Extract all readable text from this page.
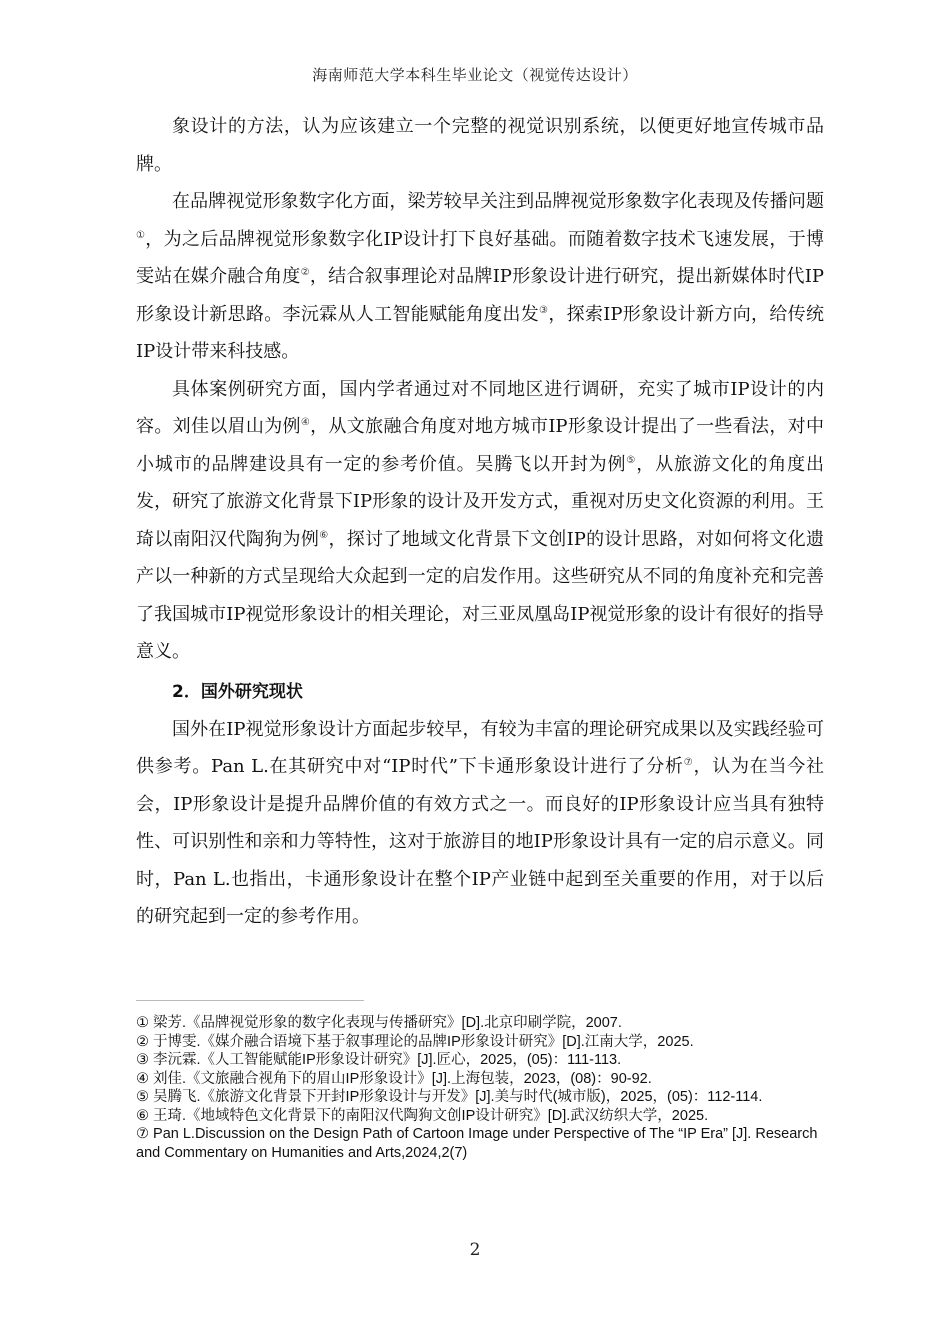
海南师范大学本科生毕业论文（视觉传达设计）

象设计的方法，认为应该建立一个完整的视觉识别系统，以便更好地宣传城市品牌。

在品牌视觉形象数字化方面，梁芳较早关注到品牌视觉形象数字化表现及传播问题①，为之后品牌视觉形象数字化IP设计打下良好基础。而随着数字技术飞速发展，于博雯站在媒介融合角度②，结合叙事理论对品牌IP形象设计进行研究，提出新媒体时代IP形象设计新思路。李沅霖从人工智能赋能角度出发③，探索IP形象设计新方向，给传统IP设计带来科技感。

具体案例研究方面，国内学者通过对不同地区进行调研，充实了城市IP设计的内容。刘佳以眉山为例④，从文旅融合角度对地方城市IP形象设计提出了一些看法，对中小城市的品牌建设具有一定的参考价值。吴腾飞以开封为例⑤，从旅游文化的角度出发，研究了旅游文化背景下IP形象的设计及开发方式，重视对历史文化资源的利用。王琦以南阳汉代陶狗为例⑥，探讨了地域文化背景下文创IP的设计思路，对如何将文化遗产以一种新的方式呈现给大众起到一定的启发作用。这些研究从不同的角度补充和完善了我国城市IP视觉形象设计的相关理论，对三亚凤凰岛IP视觉形象的设计有很好的指导意义。

2．国外研究现状

国外在IP视觉形象设计方面起步较早，有较为丰富的理论研究成果以及实践经验可供参考。Pan L.在其研究中对“IP时代”下卡通形象设计进行了分析⑦，认为在当今社会，IP形象设计是提升品牌价值的有效方式之一。而良好的IP形象设计应当具有独特性、可识别性和亲和力等特性，这对于旅游目的地IP形象设计具有一定的启示意义。同时，Pan L.也指出，卡通形象设计在整个IP产业链中起到至关重要的作用，对于以后的研究起到一定的参考作用。

① 梁芳.《品牌视觉形象的数字化表现与传播研究》[D].北京印刷学院，2007.

② 于博雯.《媒介融合语境下基于叙事理论的品牌IP形象设计研究》[D].江南大学，2025.

③ 李沅霖.《人工智能赋能IP形象设计研究》[J].匠心，2025，(05)：111-113.

④ 刘佳.《文旅融合视角下的眉山IP形象设计》[J].上海包装，2023，(08)：90-92.

⑤ 吴腾飞.《旅游文化背景下开封IP形象设计与开发》[J].美与时代(城市版)，2025，(05)：112-114.

⑥ 王琦.《地域特色文化背景下的南阳汉代陶狗文创IP设计研究》[D].武汉纺织大学，2025.

⑦ Pan L.Discussion on the Design Path of Cartoon Image under Perspective of The “IP Era” [J]. Research and Commentary on Humanities and Arts,2024,2(7)

2
